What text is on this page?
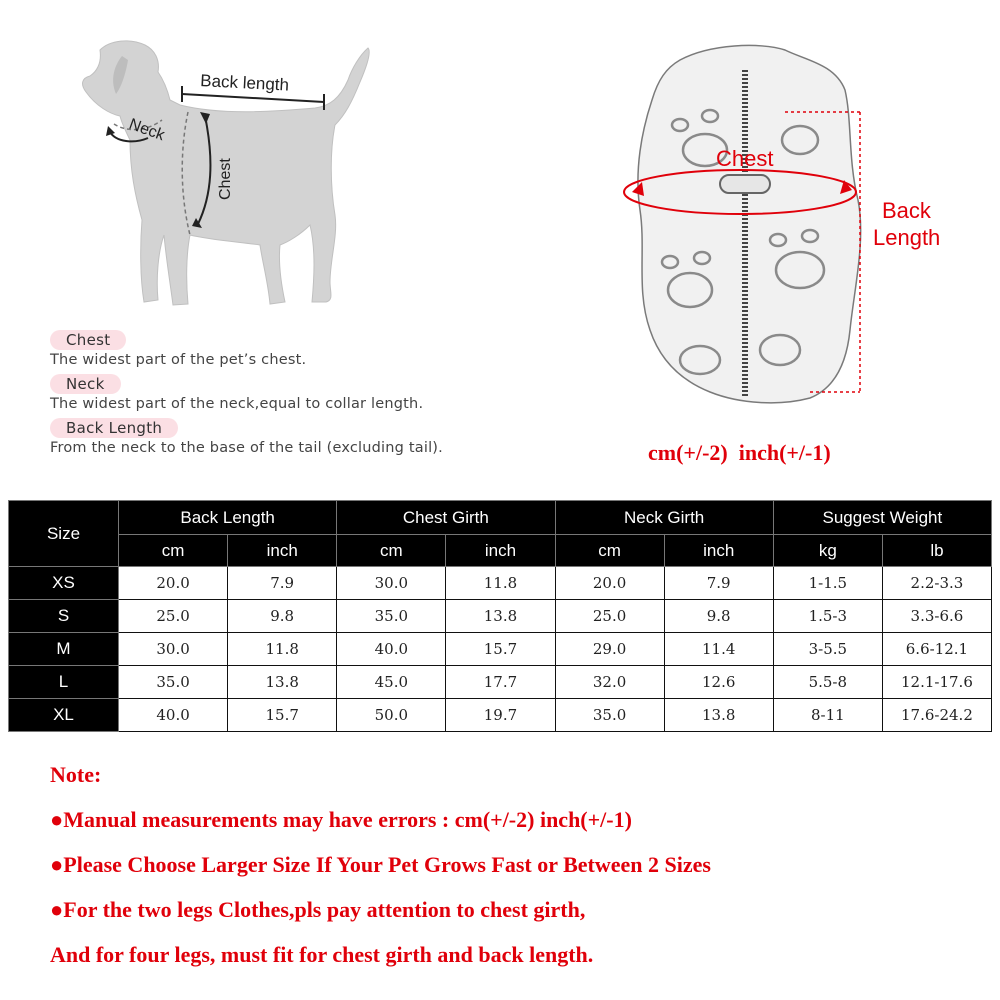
Back length
Neck
Chest	Chest
Back
Length
Chest
The widest part of the pet’s chest.
Neck
The widest part of the neck,equal to collar length.
Back Length
From the neck to the base of the tail (excluding tail).	cm(+/-2)  inch(+/-1)
Size	Back Length		Chest Girth		Neck Girth		Suggest Weight	
	cm	inch	cm	inch	cm	inch	kg	lb
XS	20.0	7.9	30.0	11.8	20.0	7.9	1-1.5	2.2-3.3
S	25.0	9.8	35.0	13.8	25.0	9.8	1.5-3	3.3-6.6
M	30.0	11.8	40.0	15.7	29.0	11.4	3-5.5	6.6-12.1
L	35.0	13.8	45.0	17.7	32.0	12.6	5.5-8	12.1-17.6
XL	40.0	15.7	50.0	19.7	35.0	13.8	8-11	17.6-24.2
Note:
●Manual measurements may have errors : cm(+/-2) inch(+/-1)
●Please Choose Larger Size If Your Pet Grows Fast or Between 2 Sizes
●For the two legs Clothes,pls pay attention to chest girth,
And for four legs, must fit for chest girth and back length.
